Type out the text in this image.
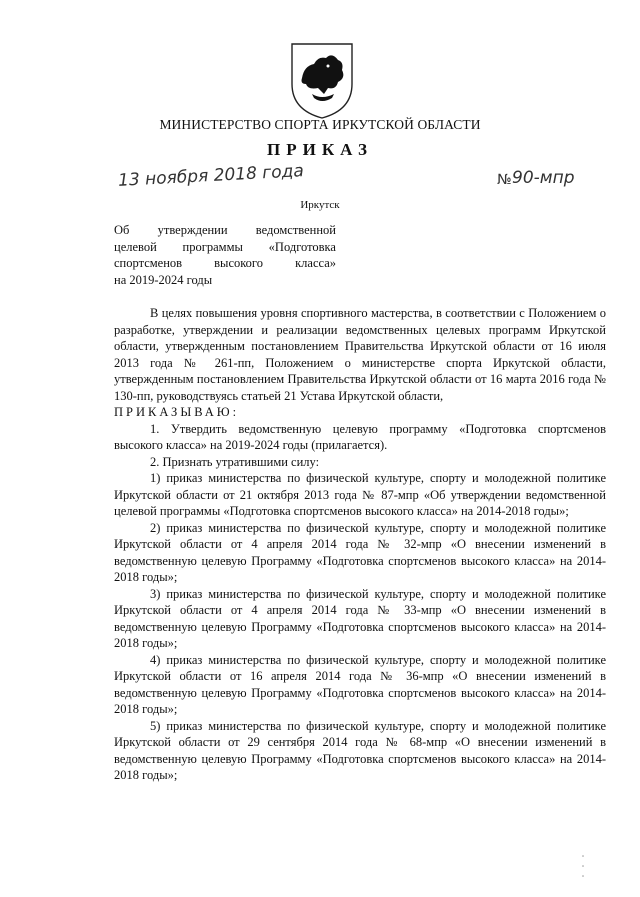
МИНИСТЕРСТВО СПОРТА ИРКУТСКОЙ ОБЛАСТИ
ПРИКАЗ
13 ноября 2018 года	№ 90-мпр
Иркутск
Об утверждении ведомственной
целевой программы «Подготовка
спортсменов высокого класса»
на 2019-2024 годы

В целях повышения уровня спортивного мастерства, в соответствии с Положением о разработке, утверждении и реализации ведомственных целевых программ Иркутской области, утвержденным постановлением Правительства Иркутской области от 16 июля 2013 года № 261-пп, Положением о министерстве спорта Иркутской области, утвержденным постановлением Правительства Иркутской области от 16 марта 2016 года № 130-пп, руководствуясь статьей 21 Устава Иркутской области,

ПРИКАЗЫВАЮ:

1. Утвердить ведомственную целевую программу «Подготовка спортсменов высокого класса» на 2019-2024 годы (прилагается).

2. Признать утратившими силу:

1) приказ министерства по физической культуре, спорту и молодежной политике Иркутской области от 21 октября 2013 года № 87-мпр «Об утверждении ведомственной целевой программы «Подготовка спортсменов высокого класса» на 2014-2018 годы»;

2) приказ министерства по физической культуре, спорту и молодежной политике Иркутской области от 4 апреля 2014 года № 32-мпр «О внесении изменений в ведомственную целевую Программу «Подготовка спортсменов высокого класса» на 2014-2018 годы»;

3) приказ министерства по физической культуре, спорту и молодежной политике Иркутской области от 4 апреля 2014 года № 33-мпр «О внесении изменений в ведомственную целевую Программу «Подготовка спортсменов высокого класса» на 2014-2018 годы»;

4) приказ министерства по физической культуре, спорту и молодежной политике Иркутской области от 16 апреля 2014 года № 36-мпр «О внесении изменений в ведомственную целевую Программу «Подготовка спортсменов высокого класса» на 2014-2018 годы»;

5) приказ министерства по физической культуре, спорту и молодежной политике Иркутской области от 29 сентября 2014 года № 68-мпр «О внесении изменений в ведомственную целевую Программу «Подготовка спортсменов высокого класса» на 2014-2018 годы»;
